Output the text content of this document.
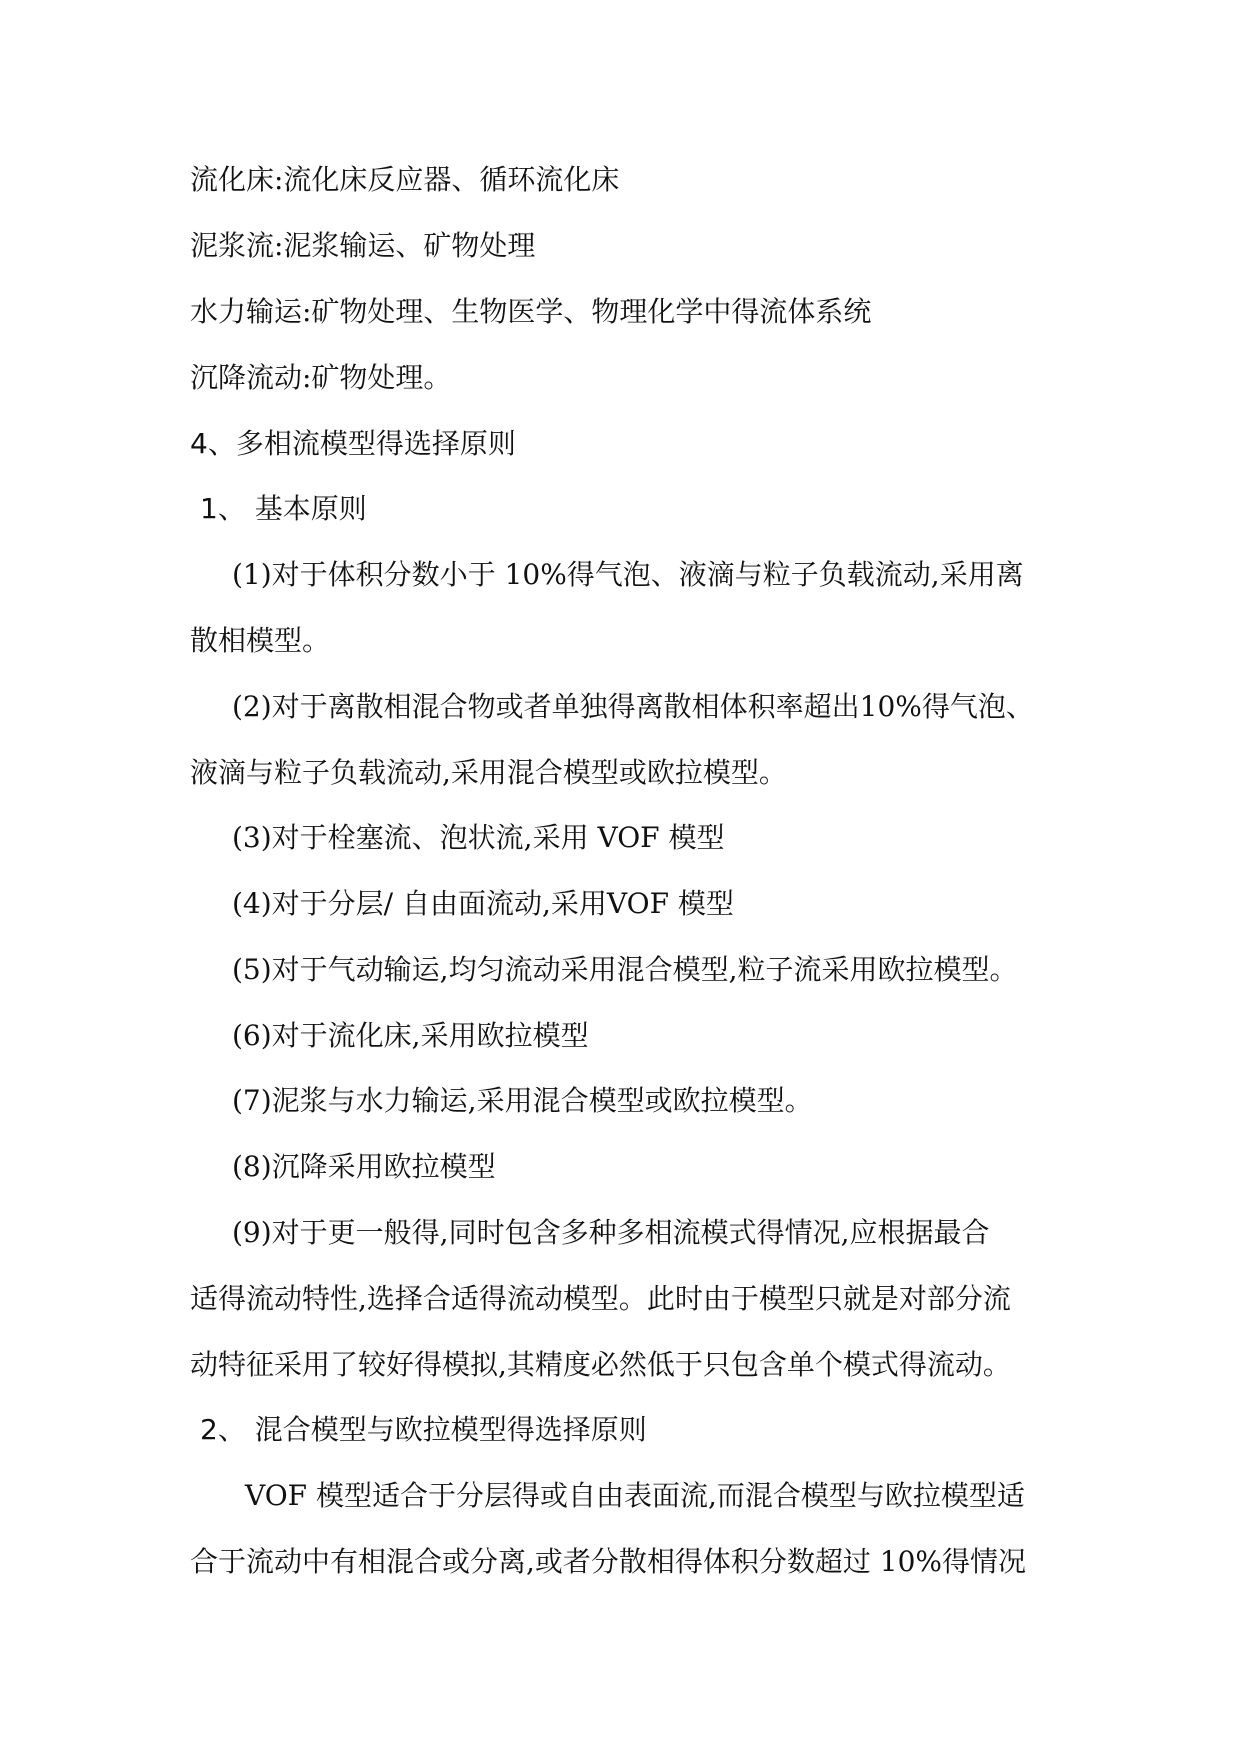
流化床:流化床反应器、循环流化床
泥浆流:泥浆输运、矿物处理
水力输运:矿物处理、生物医学、物理化学中得流体系统
沉降流动:矿物处理。
4、多相流模型得选择原则
1、 基本原则
(1)对于体积分数小于 10%得气泡、液滴与粒子负载流动,采用离
散相模型。
(2)对于离散相混合物或者单独得离散相体积率超出10%得气泡、
液滴与粒子负载流动,采用混合模型或欧拉模型。
(3)对于栓塞流、泡状流,采用 VOF 模型
(4)对于分层/ 自由面流动,采用VOF 模型
(5)对于气动输运,均匀流动采用混合模型,粒子流采用欧拉模型。
(6)对于流化床,采用欧拉模型
(7)泥浆与水力输运,采用混合模型或欧拉模型。
(8)沉降采用欧拉模型
(9)对于更一般得,同时包含多种多相流模式得情况,应根据最合
适得流动特性,选择合适得流动模型。此时由于模型只就是对部分流
动特征采用了较好得模拟,其精度必然低于只包含单个模式得流动。
2、 混合模型与欧拉模型得选择原则
VOF 模型适合于分层得或自由表面流,而混合模型与欧拉模型适
合于流动中有相混合或分离,或者分散相得体积分数超过 10%得情况
